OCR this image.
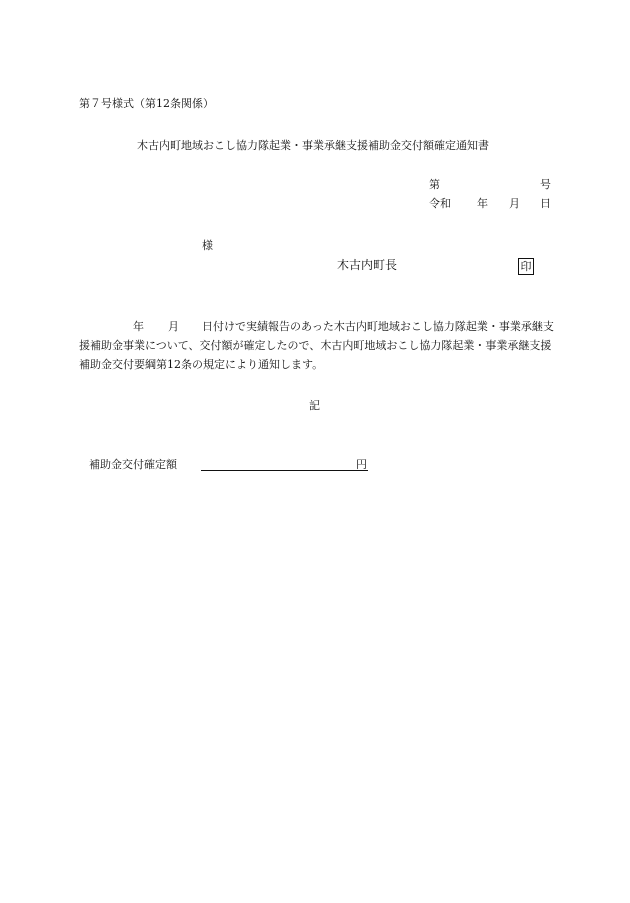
第７号様式（第12条関係）
木古内町地域おこし協力隊起業・事業承継支援補助金交付額確定通知書
第	号
令和 年 月 日
様
木古内町長	印
年 月 日付けで実績報告のあった木古内町地域おこし協力隊起業・事業承継支
援補助金事業について、交付額が確定したので、木古内町地域おこし協力隊起業・事業承継支援
補助金交付要綱第12条の規定により通知します。
記
補助金交付確定額	円
